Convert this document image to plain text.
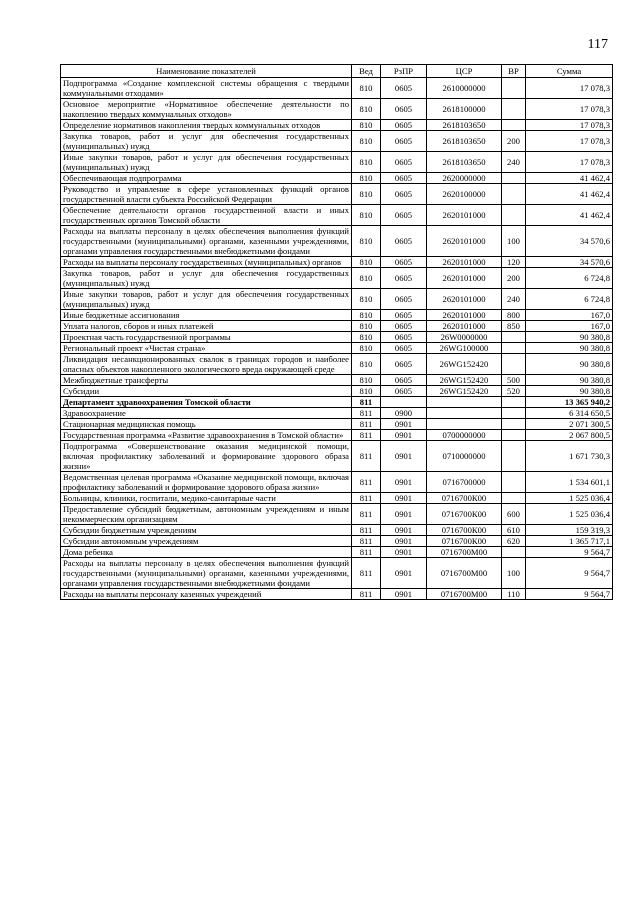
117
Наименование показателей	Вед	РзПР	ЦСР	ВР	Сумма
Подпрограмма «Создание комплексной системы обращения с твердыми коммунальными отходами»	810	0605	2610000000		17 078,3
Основное мероприятие «Нормативное обеспечение деятельности по накоплению твердых коммунальных отходов»	810	0605	2618100000		17 078,3
Определение нормативов накопления твердых коммунальных отходов	810	0605	2618103650		17 078,3
Закупка товаров, работ и услуг для обеспечения государственных (муниципальных) нужд	810	0605	2618103650	200	17 078,3
Иные закупки товаров, работ и услуг для обеспечения государственных (муниципальных) нужд	810	0605	2618103650	240	17 078,3
Обеспечивающая подпрограмма	810	0605	2620000000		41 462,4
Руководство и управление в сфере установленных функций органов государственной власти субъекта Российской Федерации	810	0605	2620100000		41 462,4
Обеспечение деятельности органов государственной власти и иных государственных органов Томской области	810	0605	2620101000		41 462,4
Расходы на выплаты персоналу в целях обеспечения выполнения функций государственными (муниципальными) органами, казенными учреждениями, органами управления государственными внебюджетными фондами	810	0605	2620101000	100	34 570,6
Расходы на выплаты персоналу государственных (муниципальных) органов	810	0605	2620101000	120	34 570,6
Закупка товаров, работ и услуг для обеспечения государственных (муниципальных) нужд	810	0605	2620101000	200	6 724,8
Иные закупки товаров, работ и услуг для обеспечения государственных (муниципальных) нужд	810	0605	2620101000	240	6 724,8
Иные бюджетные ассигнования	810	0605	2620101000	800	167,0
Уплата налогов, сборов и иных платежей	810	0605	2620101000	850	167,0
Проектная часть государственной программы	810	0605	26W0000000		90 380,8
Региональный проект «Чистая страна»	810	0605	26WG100000		90 380,8
Ликвидация несанкционированных свалок в границах городов и наиболее опасных объектов накопленного экологического вреда окружающей среде	810	0605	26WG152420		90 380,8
Межбюджетные трансферты	810	0605	26WG152420	500	90 380,8
Субсидии	810	0605	26WG152420	520	90 380,8
Департамент здравоохранения Томской области	811				13 365 940,2
Здравоохранение	811	0900			6 314 650,5
Стационарная медицинская помощь	811	0901			2 071 300,5
Государственная программа «Развитие здравоохранения в Томской области»	811	0901	0700000000		2 067 800,5
Подпрограмма «Совершенствование оказания медицинской помощи, включая профилактику заболеваний и формирование здорового образа жизни»	811	0901	0710000000		1 671 730,3
Ведомственная целевая программа «Оказание медицинской помощи, включая профилактику заболеваний и формирование здорового образа жизни»	811	0901	0716700000		1 534 601,1
Больницы, клиники, госпитали, медико-санитарные части	811	0901	0716700К00		1 525 036,4
Предоставление субсидий бюджетным, автономным учреждениям и иным некоммерческим организациям	811	0901	0716700К00	600	1 525 036,4
Субсидии бюджетным учреждениям	811	0901	0716700К00	610	159 319,3
Субсидии автономным учреждениям	811	0901	0716700К00	620	1 365 717,1
Дома ребенка	811	0901	0716700М00		9 564,7
Расходы на выплаты персоналу в целях обеспечения выполнения функций государственными (муниципальными) органами, казенными учреждениями, органами управления государственными внебюджетными фондами	811	0901	0716700М00	100	9 564,7
Расходы на выплаты персоналу казенных учреждений	811	0901	0716700М00	110	9 564,7
